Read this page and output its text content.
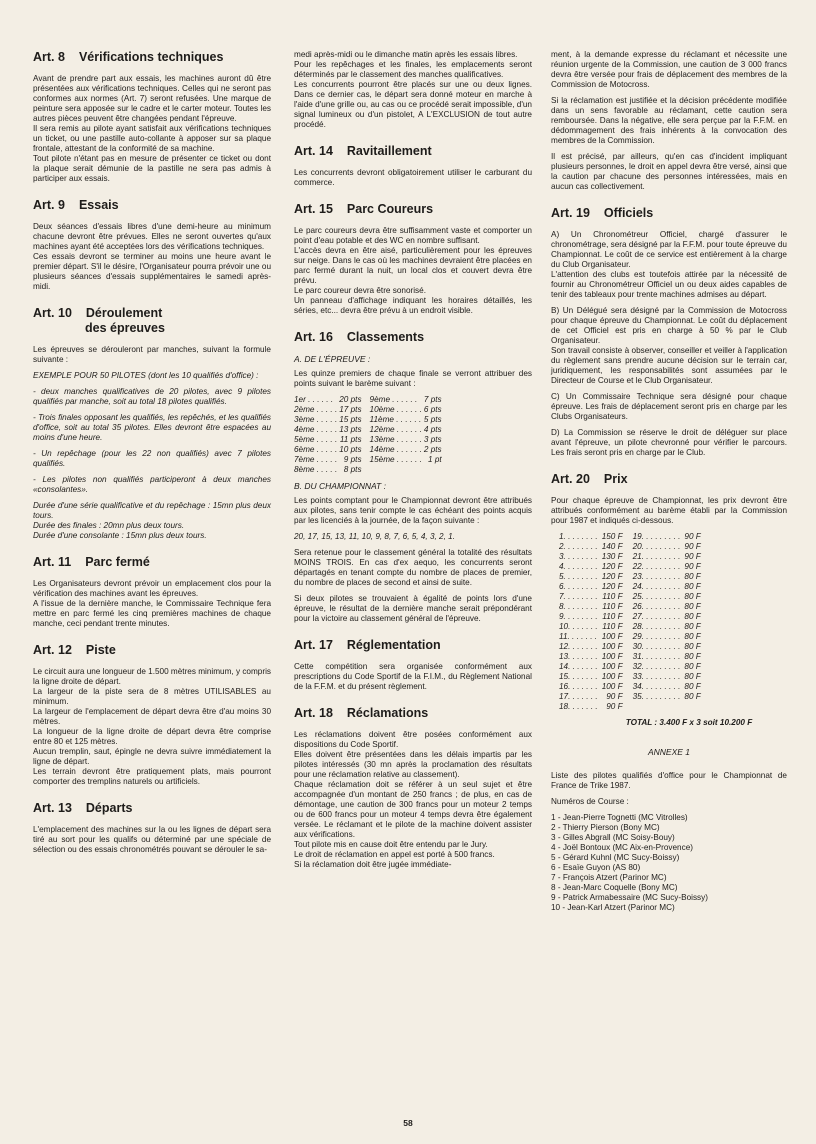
Art. 8 Vérifications techniques

Avant de prendre part aux essais, les machines auront dû être présentées aux vérifications techniques. Celles qui ne seront pas conformes aux normes (Art. 7) seront refusées. Une marque de peinture sera apposée sur le cadre et le carter moteur. Toutes les autres pièces peuvent être changées pendant l'épreuve.
Il sera remis au pilote ayant satisfait aux vérifications techniques un ticket, ou une pastille auto-collante à apposer sur sa plaque frontale, attestant de la conformité de sa machine.
Tout pilote n'étant pas en mesure de présenter ce ticket ou dont la plaque serait démunie de la pastille ne sera pas admis à participer aux essais.

Art. 9 Essais

Deux séances d'essais libres d'une demi-heure au minimum chacune devront être prévues. Elles ne seront ouvertes qu'aux machines ayant été acceptées lors des vérifications techniques.
Ces essais devront se terminer au moins une heure avant le premier départ. S'il le désire, l'Organisateur pourra prévoir une ou plusieurs séances d'essais supplémentaires le samedi après-midi.

Art. 10 Déroulement
des épreuves

Les épreuves se dérouleront par manches, suivant la formule suivante :

EXEMPLE POUR 50 PILOTES (dont les 10 qualifiés d'office) :

- deux manches qualificatives de 20 pilotes, avec 9 pilotes qualifiés par manche, soit au total 18 pilotes qualifiés.

- Trois finales opposant les qualifiés, les repêchés, et les qualifiés d'office, soit au total 35 pilotes. Elles devront être espacées au moins d'une heure.

- Un repêchage (pour les 22 non qualifiés) avec 7 pilotes qualifiés.

- Les pilotes non qualifiés participeront à deux manches «consolantes».

Durée d'une série qualificative et du repêchage : 15mn plus deux tours.
Durée des finales : 20mn plus deux tours.
Durée d'une consolante : 15mn plus deux tours.

Art. 11 Parc fermé

Les Organisateurs devront prévoir un emplacement clos pour la vérification des machines avant les épreuves.
A l'issue de la dernière manche, le Commissaire Technique fera mettre en parc fermé les cinq premières machines de chaque manche, ceci pendant trente minutes.

Art. 12 Piste

Le circuit aura une longueur de 1.500 mètres minimum, y compris la ligne droite de départ.
La largeur de la piste sera de 8 mètres UTILISABLES au minimum.
La largeur de l'emplacement de départ devra être d'au moins 30 mètres.
La longueur de la ligne droite de départ devra être comprise entre 80 et 125 mètres.
Aucun tremplin, saut, épingle ne devra suivre immédiatement la ligne de départ.
Les terrain devront être pratiquement plats, mais pourront comporter des tremplins naturels ou artificiels.

Art. 13 Départs

L'emplacement des machines sur la ou les lignes de départ sera tiré au sort pour les qualifs ou déterminé par une spéciale de sélection ou des essais chronométrés pouvant se dérouler le sa-

medi après-midi ou le dimanche matin après les essais libres.
Pour les repêchages et les finales, les emplacements seront déterminés par le classement des manches qualificatives.
Les concurrents pourront être placés sur une ou deux lignes. Dans ce dernier cas, le départ sera donné moteur en marche à l'aide d'une grille ou, au cas ou ce procédé serait impossible, d'un signal lumineux ou d'un pistolet, A L'EXCLUSION de tout autre procédé.

Art. 14 Ravitaillement

Les concurrents devront obligatoirement utiliser le carburant du commerce.

Art. 15 Parc Coureurs

Le parc coureurs devra être suffisamment vaste et comporter un point d'eau potable et des WC en nombre suffisant.
L'accès devra en être aisé, particulièrement pour les épreuves sur neige. Dans le cas où les machines devraient être placées en parc fermé durant la nuit, un local clos et couvert devra être prévu.
Le parc coureur devra être sonorisé.
Un panneau d'affichage indiquant les horaires détaillés, les séries, etc... devra être prévu à un endroit visible.

Art. 16 Classements
A. DE L'ÉPREUVE :

Les quinze premiers de chaque finale se verront attribuer des points suivant le barème suivant :

1er . . . . . .	20 pts	9ème . . . . . .	7 pts
2ème . . . . .	17 pts	10ème . . . . . .	6 pts
3ème . . . . .	15 pts	11ème . . . . . .	5 pts
4ème . . . . .	13 pts	12ème . . . . . .	4 pts
5ème . . . . .	11 pts	13ème . . . . . .	3 pts
6ème . . . . .	10 pts	14ème . . . . . .	2 pts
7ème . . . . .	9 pts	15ème . . . . . .	1 pt
8ème . . . . .	8 pts		
B. DU CHAMPIONNAT :

Les points comptant pour le Championnat devront être attribués aux pilotes, sans tenir compte le cas échéant des points acquis par les licenciés à la journée, de la façon suivante :

20, 17, 15, 13, 11, 10, 9, 8, 7, 6, 5, 4, 3, 2, 1.

Sera retenue pour le classement général la totalité des résultats MOINS TROIS. En cas d'ex aequo, les concurrents seront départagés en tenant compte du nombre de places de premier, du nombre de places de second et ainsi de suite.

Si deux pilotes se trouvaient à égalité de points lors d'une épreuve, le résultat de la dernière manche serait prépondérant pour la victoire au classement général de l'épreuve.

Art. 17 Réglementation

Cette compétition sera organisée conformément aux prescriptions du Code Sportif de la F.I.M., du Règlement National de la F.F.M. et du présent règlement.

Art. 18 Réclamations

Les réclamations doivent être posées conformément aux dispositions du Code Sportif.
Elles doivent être présentées dans les délais impartis par les pilotes intéressés (30 mn après la proclamation des résultats pour une réclamation relative au classement).
Chaque réclamation doit se référer à un seul sujet et être accompagnée d'un montant de 250 francs ; de plus, en cas de démontage, une caution de 300 francs pour un moteur 2 temps ou de 600 francs pour un moteur 4 temps devra être également versée. Le réclamant et le pilote de la machine doivent assister aux vérifications.
Tout pilote mis en cause doit être entendu par le Jury.
Le droit de réclamation en appel est porté à 500 francs.
Si la réclamation doit être jugée immédiate-

ment, à la demande expresse du réclamant et nécessite une réunion urgente de la Commission, une caution de 3 000 francs devra être versée pour frais de déplacement des membres de la Commission de Motocross.

Si la réclamation est justifiée et la décision précédente modifiée dans un sens favorable au réclamant, cette caution sera remboursée. Dans la négative, elle sera perçue par la F.F.M. en dédommagement des frais inhérents à la convocation des membres de la Commission.

Il est précisé, par ailleurs, qu'en cas d'incident impliquant plusieurs personnes, le droit en appel devra être versé, ainsi que la caution par chacune des personnes intéressées, mais en aucun cas collectivement.

Art. 19 Officiels

A) Un Chronométreur Officiel, chargé d'assurer le chronométrage, sera désigné par la F.F.M. pour toute épreuve du Championnat. Le coût de ce service est entièrement à la charge du Club Organisateur.
L'attention des clubs est toutefois attirée par la nécessité de fournir au Chronométreur Officiel un ou deux aides capables de tenir des tableaux pour trente machines admises au départ.

B) Un Délégué sera désigné par la Commission de Motocross pour chaque épreuve du Championnat. Le coût du déplacement de cet Officiel est pris en charge à 50 % par le Club Organisateur.
Son travail consiste à observer, conseiller et veiller à l'application du règlement sans prendre aucune décision sur le terrain car, juridiquement, les responsabilités sont assumées par le Directeur de Course et le Club Organisateur.

C) Un Commissaire Technique sera désigné pour chaque épreuve. Les frais de déplacement seront pris en charge par les Clubs Organisateurs.

D) La Commission se réserve le droit de déléguer sur place avant l'épreuve, un pilote chevronné pour vérifier le parcours. Les frais seront pris en charge par le Club.

Art. 20 Prix

Pour chaque épreuve de Championnat, les prix devront être attribués conformément au barème établi par la Commission pour 1987 et indiqués ci-dessous.

1. . . . . . . .	150 F	19. . . . . . . . .	90 F
2. . . . . . . .	140 F	20. . . . . . . . .	90 F
3. . . . . . . .	130 F	21. . . . . . . . .	90 F
4. . . . . . . .	120 F	22. . . . . . . . .	90 F
5. . . . . . . .	120 F	23. . . . . . . . .	80 F
6. . . . . . . .	120 F	24. . . . . . . . .	80 F
7. . . . . . . .	110 F	25. . . . . . . . .	80 F
8. . . . . . . .	110 F	26. . . . . . . . .	80 F
9. . . . . . . .	110 F	27. . . . . . . . .	80 F
10. . . . . . .	110 F	28. . . . . . . . .	80 F
11. . . . . . .	100 F	29. . . . . . . . .	80 F
12. . . . . . .	100 F	30. . . . . . . . .	80 F
13. . . . . . .	100 F	31. . . . . . . . .	80 F
14. . . . . . .	100 F	32. . . . . . . . .	80 F
15. . . . . . .	100 F	33. . . . . . . . .	80 F
16. . . . . . .	100 F	34. . . . . . . . .	80 F
17. . . . . . .	90 F	35. . . . . . . . .	80 F
18. . . . . . .	90 F		
TOTAL : 3.400 F x 3 soit 10.200 F
ANNEXE 1

Liste des pilotes qualifiés d'office pour le Championnat de France de Trike 1987.

Numéros de Course :

1 - Jean-Pierre Tognetti (MC Vitrolles)
2 - Thierry Pierson (Bony MC)
3 - Gilles Abgrall (MC Soisy-Bouy)
4 - Joël Bontoux (MC Aix-en-Provence)
5 - Gérard Kuhnl (MC Sucy-Boissy)
6 - Esaïe Guyon (AS 80)
7 - François Atzert (Parinor MC)
8 - Jean-Marc Coquelle (Bony MC)
9 - Patrick Armabessaire (MC Sucy-Boissy)
10 - Jean-Karl Atzert (Parinor MC)
58
